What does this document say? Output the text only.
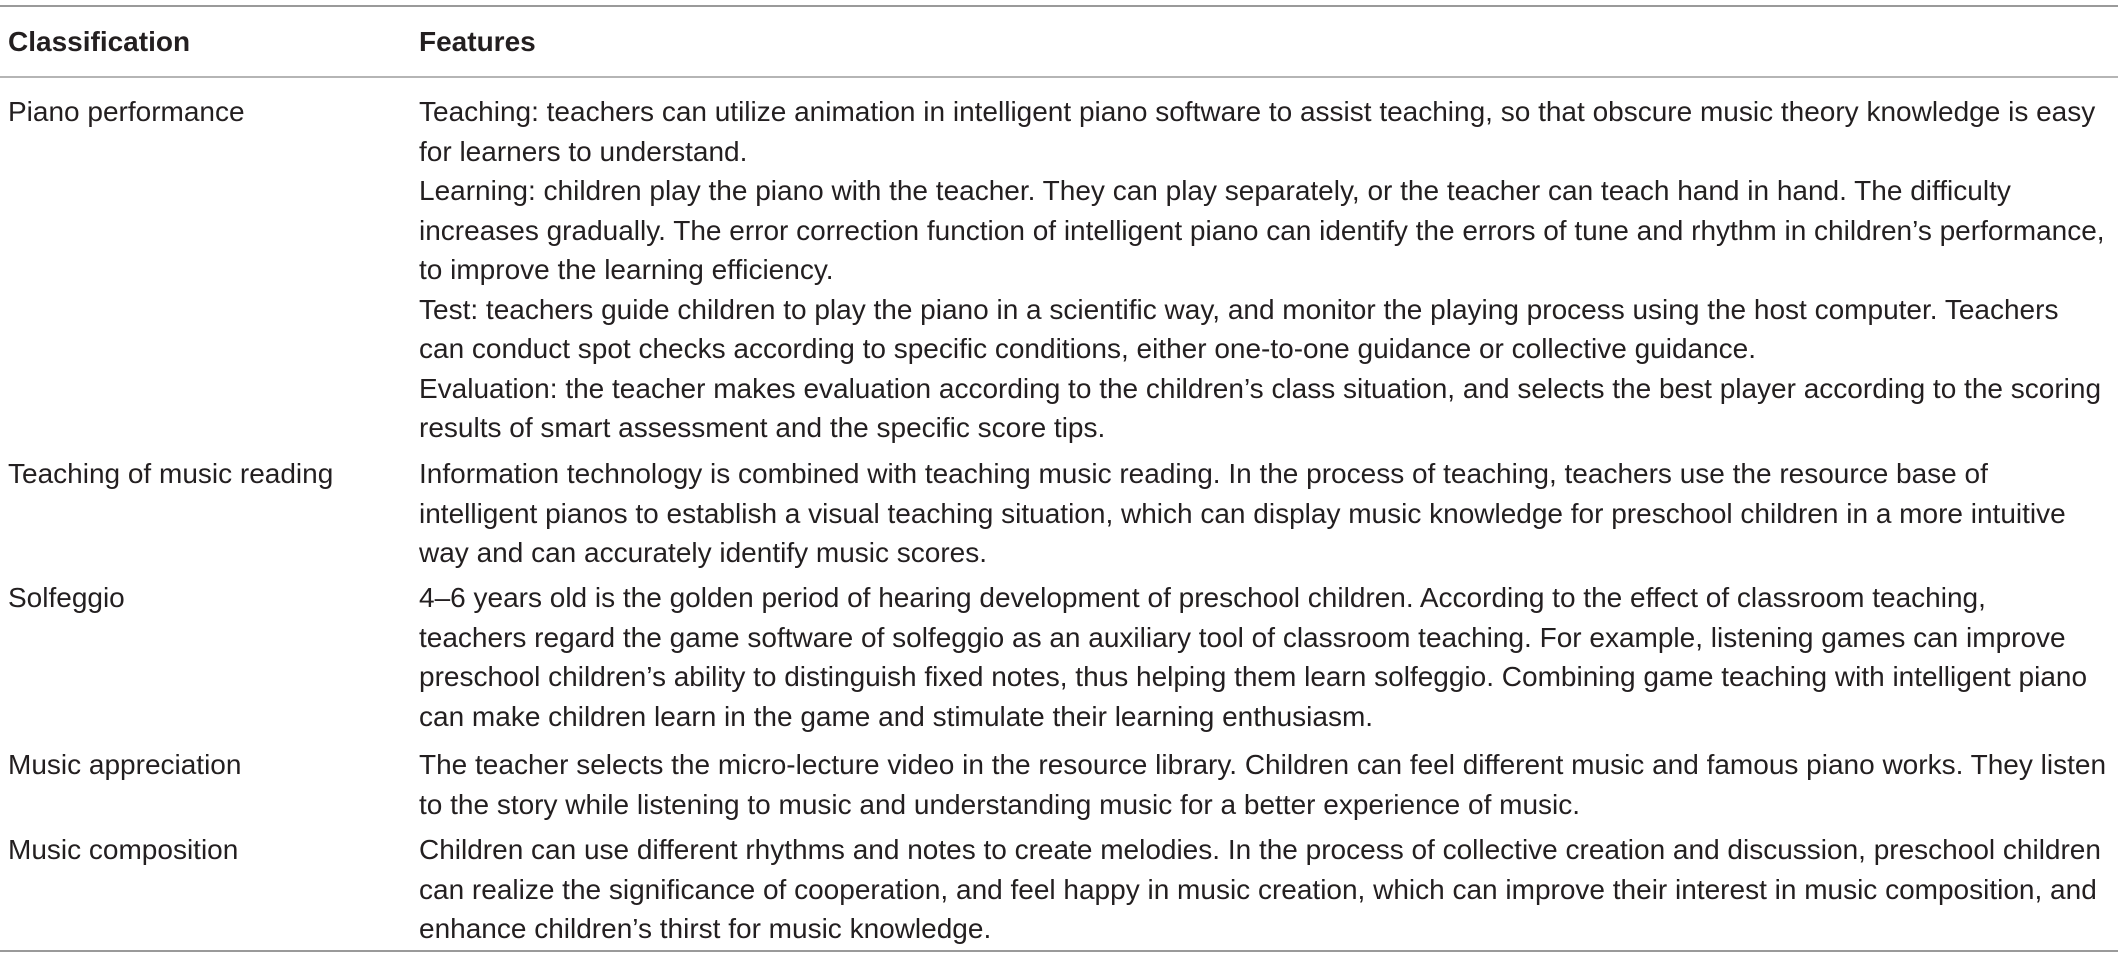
Classification	Features
Piano performance	Teaching: teachers can utilize animation in intelligent piano software to assist teaching, so that obscure music theory knowledge is easy
for learners to understand.
Learning: children play the piano with the teacher. They can play separately, or the teacher can teach hand in hand. The difficulty
increases gradually. The error correction function of intelligent piano can identify the errors of tune and rhythm in children’s performance,
to improve the learning efficiency.
Test: teachers guide children to play the piano in a scientific way, and monitor the playing process using the host computer. Teachers
can conduct spot checks according to specific conditions, either one-to-one guidance or collective guidance.
Evaluation: the teacher makes evaluation according to the children’s class situation, and selects the best player according to the scoring
results of smart assessment and the specific score tips.
Teaching of music reading	Information technology is combined with teaching music reading. In the process of teaching, teachers use the resource base of
intelligent pianos to establish a visual teaching situation, which can display music knowledge for preschool children in a more intuitive
way and can accurately identify music scores.
Solfeggio	4–6 years old is the golden period of hearing development of preschool children. According to the effect of classroom teaching,
teachers regard the game software of solfeggio as an auxiliary tool of classroom teaching. For example, listening games can improve
preschool children’s ability to distinguish fixed notes, thus helping them learn solfeggio. Combining game teaching with intelligent piano
can make children learn in the game and stimulate their learning enthusiasm.
Music appreciation	The teacher selects the micro-lecture video in the resource library. Children can feel different music and famous piano works. They listen
to the story while listening to music and understanding music for a better experience of music.
Music composition	Children can use different rhythms and notes to create melodies. In the process of collective creation and discussion, preschool children
can realize the significance of cooperation, and feel happy in music creation, which can improve their interest in music composition, and
enhance children’s thirst for music knowledge.
